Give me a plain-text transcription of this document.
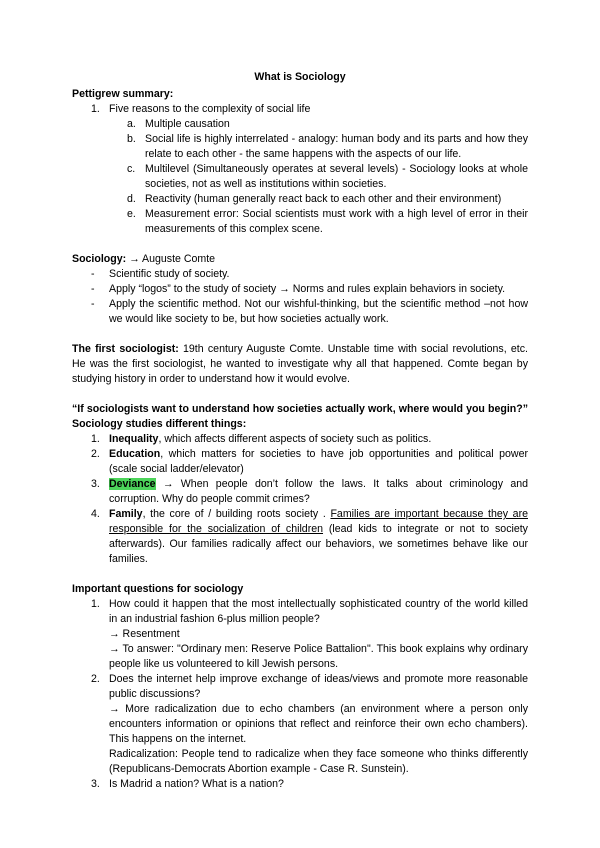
What is Sociology
Pettigrew summary:
1. Five reasons to the complexity of social life
a. Multiple causation
b. Social life is highly interrelated - analogy: human body and its parts and how they relate to each other - the same happens with the aspects of our life.
c. Multilevel (Simultaneously operates at several levels) - Sociology looks at whole societies, not as well as institutions within societies.
d. Reactivity (human generally react back to each other and their environment)
e. Measurement error: Social scientists must work with a high level of error in their measurements of this complex scene.
Sociology: → Auguste Comte
- Scientific study of society.
- Apply “logos” to the study of society → Norms and rules explain behaviors in society.
- Apply the scientific method. Not our wishful-thinking, but the scientific method –not how we would like society to be, but how societies actually work.
The first sociologist: 19th century Auguste Comte. Unstable time with social revolutions, etc. He was the first sociologist, he wanted to investigate why all that happened. Comte began by studying history in order to understand how it would evolve.
“If sociologists want to understand how societies actually work, where would you begin?” Sociology studies different things:
1. Inequality, which affects different aspects of society such as politics.
2. Education, which matters for societies to have job opportunities and political power (scale social ladder/elevator)
3. Deviance → When people don’t follow the laws. It talks about criminology and corruption. Why do people commit crimes?
4. Family, the core of / building roots society . Families are important because they are responsible for the socialization of children (lead kids to integrate or not to society afterwards). Our families radically affect our behaviors, we sometimes behave like our families.
Important questions for sociology
1. How could it happen that the most intellectually sophisticated country of the world killed in an industrial fashion 6-plus million people?
→ Resentment
→ To answer: "Ordinary men: Reserve Police Battalion". This book explains why ordinary people like us volunteered to kill Jewish persons.
2. Does the internet help improve exchange of ideas/views and promote more reasonable public discussions?
→ More radicalization due to echo chambers (an environment where a person only encounters information or opinions that reflect and reinforce their own echo chambers). This happens on the internet.
Radicalization: People tend to radicalize when they face someone who thinks differently (Republicans-Democrats Abortion example - Case R. Sunstein).
3. Is Madrid a nation? What is a nation?
